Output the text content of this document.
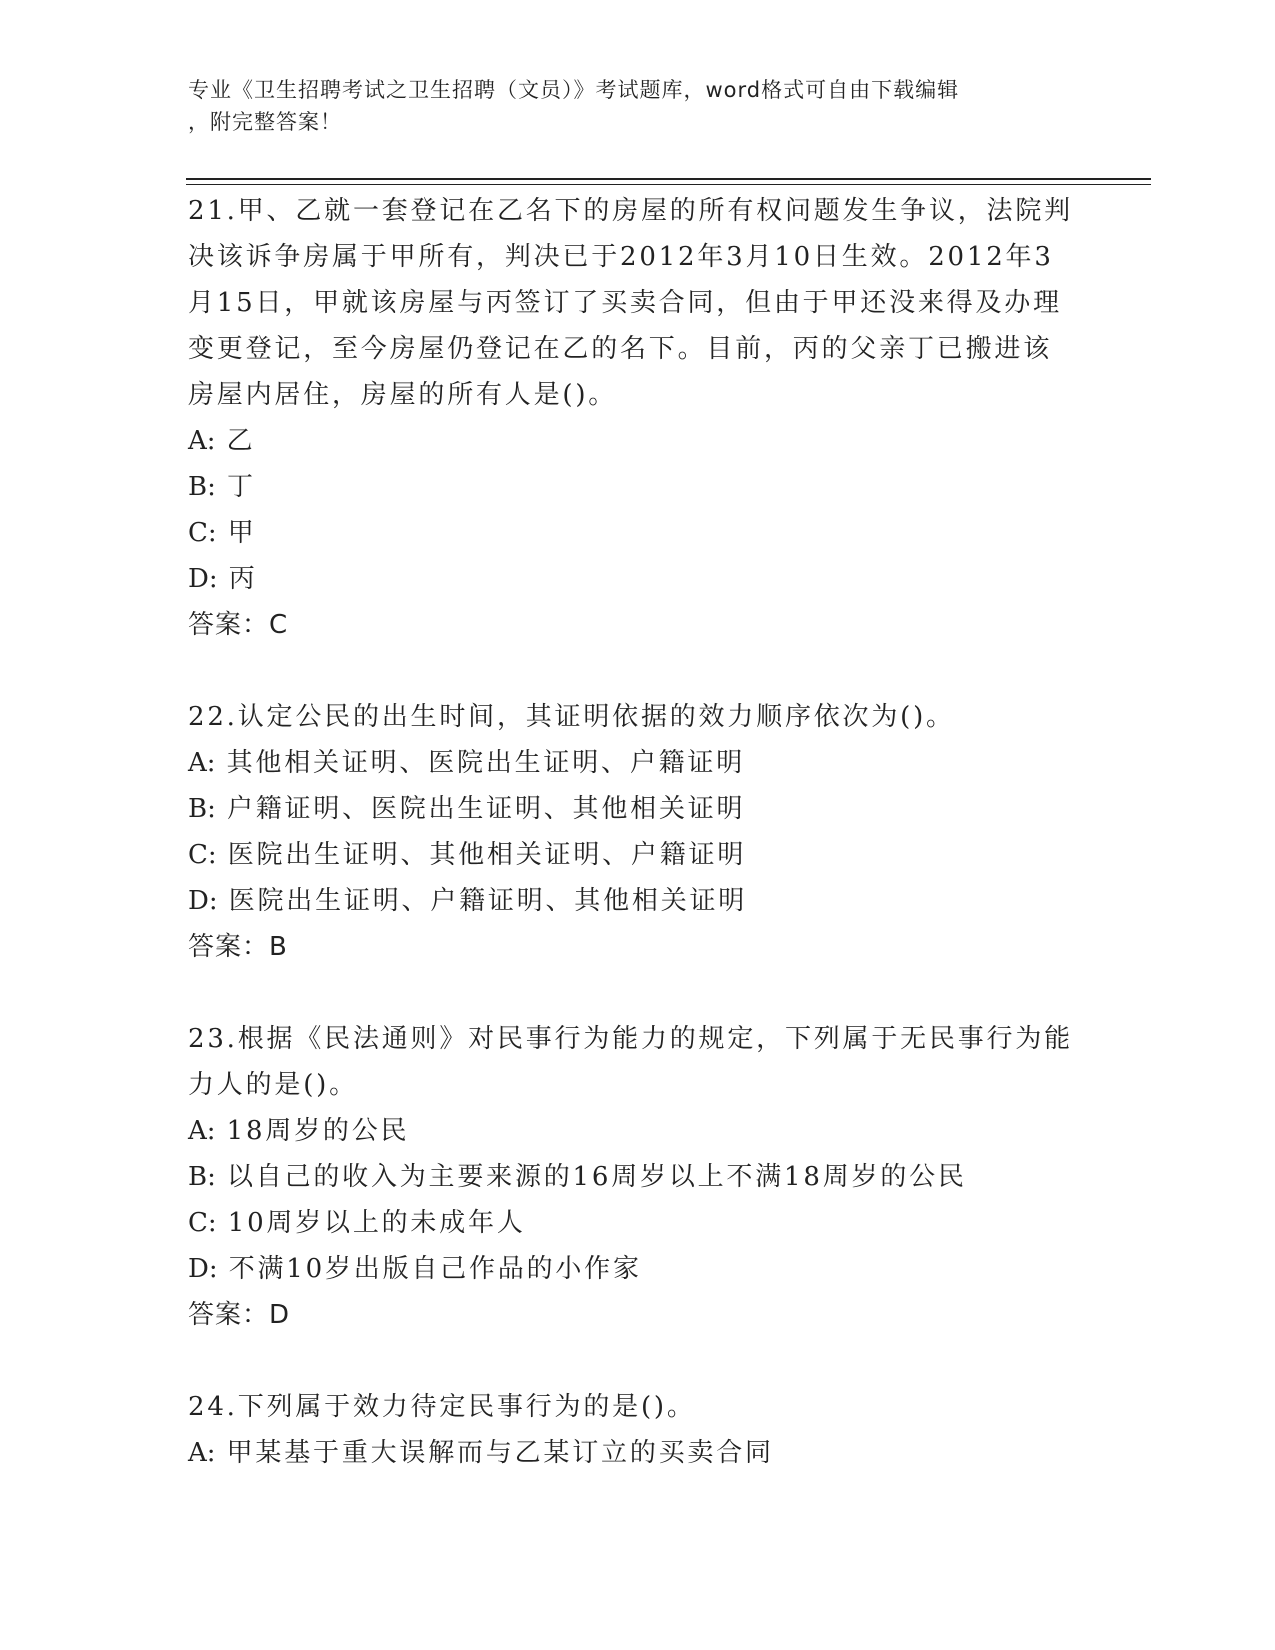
专业《卫生招聘考试之卫生招聘（文员）》考试题库，word格式可自由下载编辑
，附完整答案！
21.甲、乙就一套登记在乙名下的房屋的所有权问题发生争议，法院判
决该诉争房属于甲所有，判决已于2012年3月10日生效。2012年3
月15日，甲就该房屋与丙签订了买卖合同，但由于甲还没来得及办理
变更登记，至今房屋仍登记在乙的名下。目前，丙的父亲丁已搬进该
房屋内居住，房屋的所有人是()。
A: 乙
B: 丁
C: 甲
D: 丙
答案：C
22.认定公民的出生时间，其证明依据的效力顺序依次为()。
A: 其他相关证明、医院出生证明、户籍证明
B: 户籍证明、医院出生证明、其他相关证明
C: 医院出生证明、其他相关证明、户籍证明
D: 医院出生证明、户籍证明、其他相关证明
答案：B
23.根据《民法通则》对民事行为能力的规定，下列属于无民事行为能
力人的是()。
A: 18周岁的公民
B: 以自己的收入为主要来源的16周岁以上不满18周岁的公民
C: 10周岁以上的未成年人
D: 不满10岁出版自己作品的小作家
答案：D
24.下列属于效力待定民事行为的是()。
A: 甲某基于重大误解而与乙某订立的买卖合同
